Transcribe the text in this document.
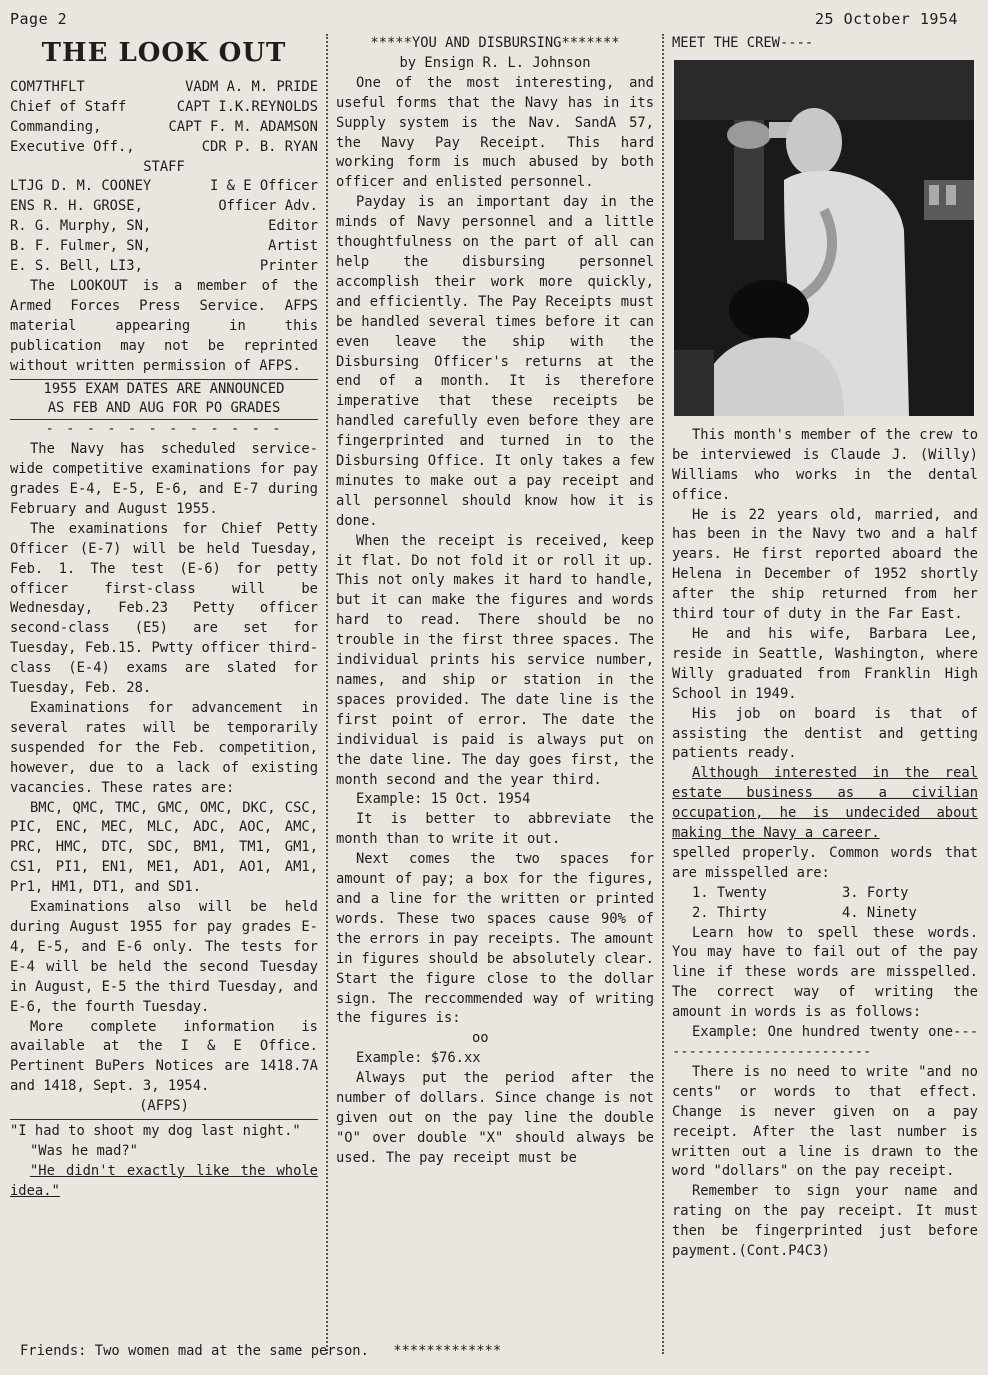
Page 2	25 October 1954
THE LOOK OUT
COM7THFLT	VADM A. M. PRIDE
Chief of Staff	CAPT I.K.REYNOLDS
Commanding,	CAPT F. M. ADAMSON
Executive Off.,	CDR P. B. RYAN
STAFF
LTJG D. M. COONEY	I & E Officer
ENS R. H. GROSE,	Officer Adv.
R. G. Murphy, SN,	Editor
B. F. Fulmer, SN,	Artist
E. S. Bell, LI3,	Printer

The LOOKOUT is a member of the Armed Forces Press Service. AFPS material appearing in this publication may not be reprinted without written permission of AFPS.

1955 EXAM DATES ARE ANNOUNCED
AS FEB AND AUG FOR PO GRADES
- - - - - - - - - - - -

The Navy has scheduled service-wide competitive examinations for pay grades E-4, E-5, E-6, and E-7 during February and August 1955.

The examinations for Chief Petty Officer (E-7) will be held Tuesday, Feb. 1. The test (E-6) for petty officer first-class will be Wednesday, Feb.23 Petty officer second-class (E5) are set for Tuesday, Feb.15. Pwtty officer third-class (E-4) exams are slated for Tuesday, Feb. 28.

Examinations for advancement in several rates will be temporarily suspended for the Feb. competition, however, due to a lack of existing vacancies. These rates are:

BMC, QMC, TMC, GMC, OMC, DKC, CSC, PIC, ENC, MEC, MLC, ADC, AOC, AMC, PRC, HMC, DTC, SDC, BM1, TM1, GM1, CS1, PI1, EN1, ME1, AD1, AO1, AM1, Pr1, HM1, DT1, and SD1.

Examinations also will be held during August 1955 for pay grades E-4, E-5, and E-6 only. The tests for E-4 will be held the second Tuesday in August, E-5 the third Tuesday, and E-6, the fourth Tuesday.

More complete information is available at the I & E Office. Pertinent BuPers Notices are 1418.7A and 1418, Sept. 3, 1954.

(AFPS)

"I had to shoot my dog last night."

"Was he mad?"

"He didn't exactly like the whole idea."

*****YOU AND DISBURSING*******
by Ensign R. L. Johnson

One of the most interesting, and useful forms that the Navy has in its Supply system is the Nav. SandA 57, the Navy Pay Receipt. This hard working form is much abused by both officer and enlisted personnel.

Payday is an important day in the minds of Navy personnel and a little thoughtfulness on the part of all can help the disbursing personnel accomplish their work more quickly, and efficiently. The Pay Receipts must be handled several times before it can even leave the ship with the Disbursing Officer's returns at the end of a month. It is therefore imperative that these receipts be handled carefully even before they are fingerprinted and turned in to the Disbursing Office. It only takes a few minutes to make out a pay receipt and all personnel should know how it is done.

When the receipt is received, keep it flat. Do not fold it or roll it up. This not only makes it hard to handle, but it can make the figures and words hard to read. There should be no trouble in the first three spaces. The individual prints his service number, names, and ship or station in the spaces provided. The date line is the first point of error. The date the individual is paid is always put on the date line. The day goes first, the month second and the year third.

Example: 15 Oct. 1954

It is better to abbreviate the month than to write it out.

Next comes the two spaces for amount of pay; a box for the figures, and a line for the written or printed words. These two spaces cause 90% of the errors in pay receipts. The amount in figures should be absolutely clear. Start the figure close to the dollar sign. The reccommended way of writing the figures is:

oo

Example: $76.xx

Always put the period after the number of dollars. Since change is not given out on the pay line the double "O" over double "X" should always be used. The pay receipt must be

MEET THE CREW----

This month's member of the crew to be interviewed is Claude J. (Willy) Williams who works in the dental office.

He is 22 years old, married, and has been in the Navy two and a half years. He first reported aboard the Helena in December of 1952 shortly after the ship returned from her third tour of duty in the Far East.

He and his wife, Barbara Lee, reside in Seattle, Washington, where Willy graduated from Franklin High School in 1949.

His job on board is that of assisting the dentist and getting patients ready.

Although interested in the real estate business as a civilian occupation, he is undecided about making the Navy a career.

spelled properly. Common words that are misspelled are:

1. Twenty	3. Forty
2. Thirty	4. Ninety

Learn how to spell these words. You may have to fail out of the pay line if these words are misspelled. The correct way of writing the amount in words is as follows:

Example: One hundred twenty one---------------------------

There is no need to write "and no cents" or words to that effect. Change is never given on a pay receipt. After the last number is written out a line is drawn to the word "dollars" on the pay receipt.

Remember to sign your name and rating on the pay receipt. It must then be fingerprinted just before payment.(Cont.P4C3)

Friends: Two women mad at the same person. *************
